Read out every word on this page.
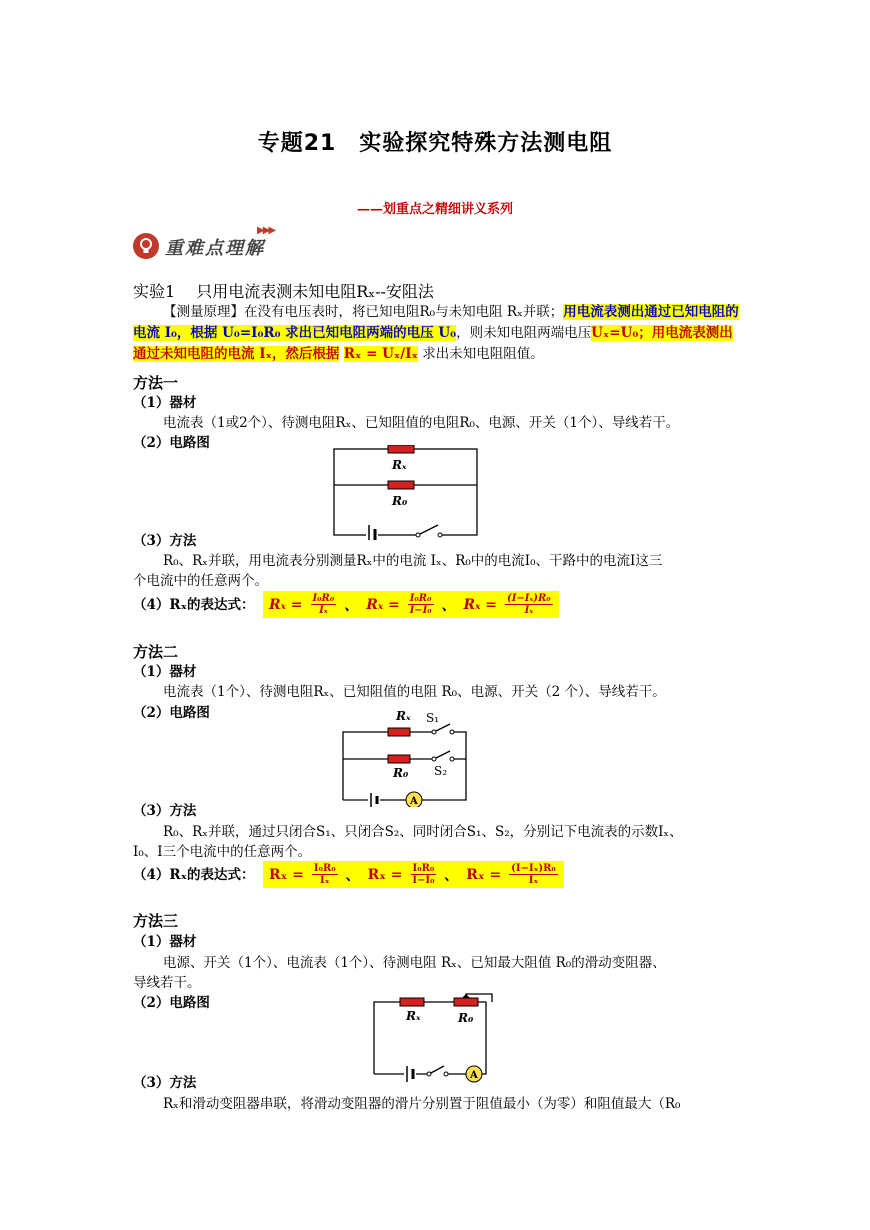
专题21　实验探究特殊方法测电阻
——划重点之精细讲义系列
重难点理解
▶▶▶
实验1　 只用电流表测未知电阻Rₓ--安阻法
【测量原理】在没有电压表时，将已知电阻R₀与未知电阻 Rₓ并联；用电流表测出通过已知电阻的电流 I₀，根据 U₀=I₀R₀ 求出已知电阻两端的电压 U₀，则未知电阻两端电压Uₓ=U₀；用电流表测出通过未知电阻的电流 Iₓ，然后根据 Rₓ = Uₓ/Iₓ 求出未知电阻阻值。
方法一
（1）器材
电流表（1或2个）、待测电阻Rₓ、已知阻值的电阻R₀、电源、开关（1个）、导线若干。
（2）电路图
Rₓ
R₀
（3）方法
R₀、Rₓ并联，用电流表分别测量Rₓ中的电流 Iₓ、R₀中的电流I₀、干路中的电流I这三
个电流中的任意两个。
（4）Rₓ的表达式： $R_x = \frac{\text{I₀R₀}}{\text{Iₓ}}$ 、 $R_x = \frac{\text{I₀R₀}}{\text{I−I₀}}$ 、 $R_x = \frac{\text{(I−Iₓ)R₀}}{\text{Iₓ}}$
方法二
（1）器材
电流表（1个）、待测电阻Rₓ、已知阻值的电阻 R₀、电源、开关（2 个）、导线若干。
（2）电路图	Rₓ S₁
R₀ S₂
A
（3）方法
R₀、Rₓ并联，通过只闭合S₁、只闭合S₂、同时闭合S₁、S₂，分别记下电流表的示数Iₓ、
I₀、I三个电流中的任意两个。
（4）Rₓ的表达式： $R_x = \frac{\text{I₀R₀}}{\text{Iₓ}}$ 、 $R_x = \frac{\text{I₀R₀}}{\text{I−I₀}}$ 、 $R_x = \frac{\text{(I−Iₓ)R₀}}{\text{Iₓ}}$
方法三
（1）器材
电源、开关（1个）、电流表（1个）、待测电阻 Rₓ、已知最大阻值 R₀的滑动变阻器、
导线若干。
（2）电路图
Rₓ	R₀
A
（3）方法
Rₓ和滑动变阻器串联，将滑动变阻器的滑片分别置于阻值最小（为零）和阻值最大（R₀
